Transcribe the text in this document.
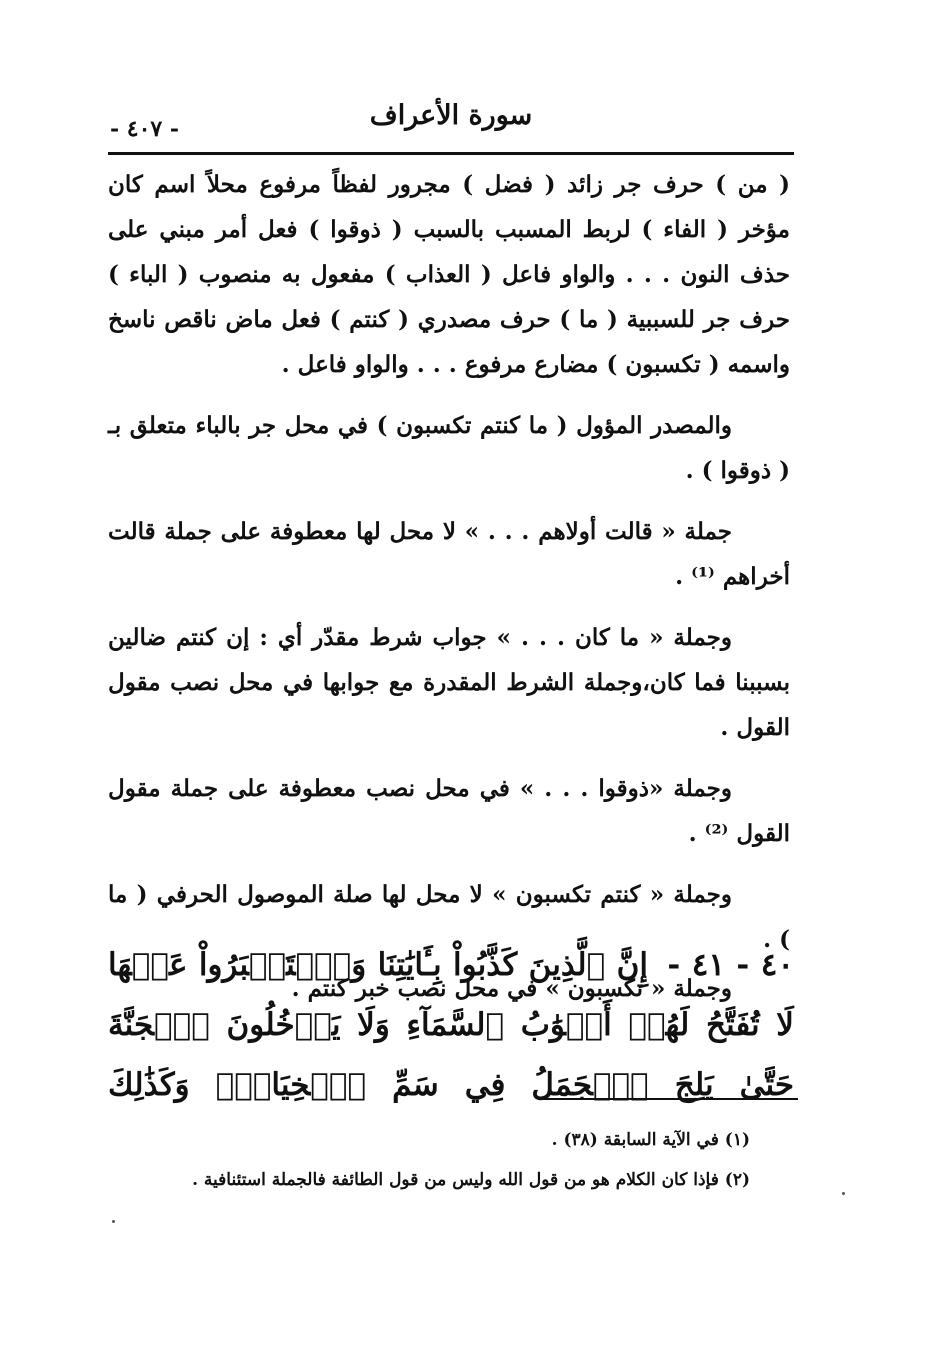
سورة الأعراف
- ٤٠٧ -

( من ) حرف جر زائد ( فضل ) مجرور لفظاً مرفوع محلاً اسم كان مؤخر ( الفاء ) لربط المسبب بالسبب ( ذوقوا ) فعل أمر مبني على حذف النون . . . والواو فاعل ( العذاب ) مفعول به منصوب ( الباء ) حرف جر للسببية ( ما ) حرف مصدري ( كنتم ) فعل ماض ناقص ناسخ واسمه ( تكسبون ) مضارع مرفوع . . . والواو فاعل .

والمصدر المؤول ( ما كنتم تكسبون ) في محل جر بالباء متعلق بـ ( ذوقوا ) .

جملة « قالت أولاهم . . . » لا محل لها معطوفة على جملة قالت أخراهم ⁽¹⁾ .

وجملة « ما كان . . . » جواب شرط مقدّر أي : إن كنتم ضالين بسببنا فما كان،وجملة الشرط المقدرة مع جوابها في محل نصب مقول القول .

وجملة «ذوقوا . . . » في محل نصب معطوفة على جملة مقول القول ⁽²⁾ .

وجملة « كنتم تكسبون » لا محل لها صلة الموصول الحرفي ( ما ) .

وجملة « تكسبون » في محل نصب خبر كنتم .

٤٠ - ٤١ - إِنَّ ٱلَّذِينَ كَذَّبُواْ بِـَٔايَٰتِنَا وَٱسۡتَكۡبَرُواْ عَنۡهَا لَا تُفَتَّحُ لَهُمۡ أَبۡوَٰبُ ٱلسَّمَآءِ وَلَا يَدۡخُلُونَ ٱلۡجَنَّةَ حَتَّىٰ يَلِجَ ٱلۡجَمَلُ فِي سَمِّ ٱلۡخِيَاطِۚ وَكَذَٰلِكَ

(١) في الآية السابقة (٣٨) .

(٢) فإذا كان الكلام هو من قول الله وليس من قول الطائفة فالجملة استئنافية .
